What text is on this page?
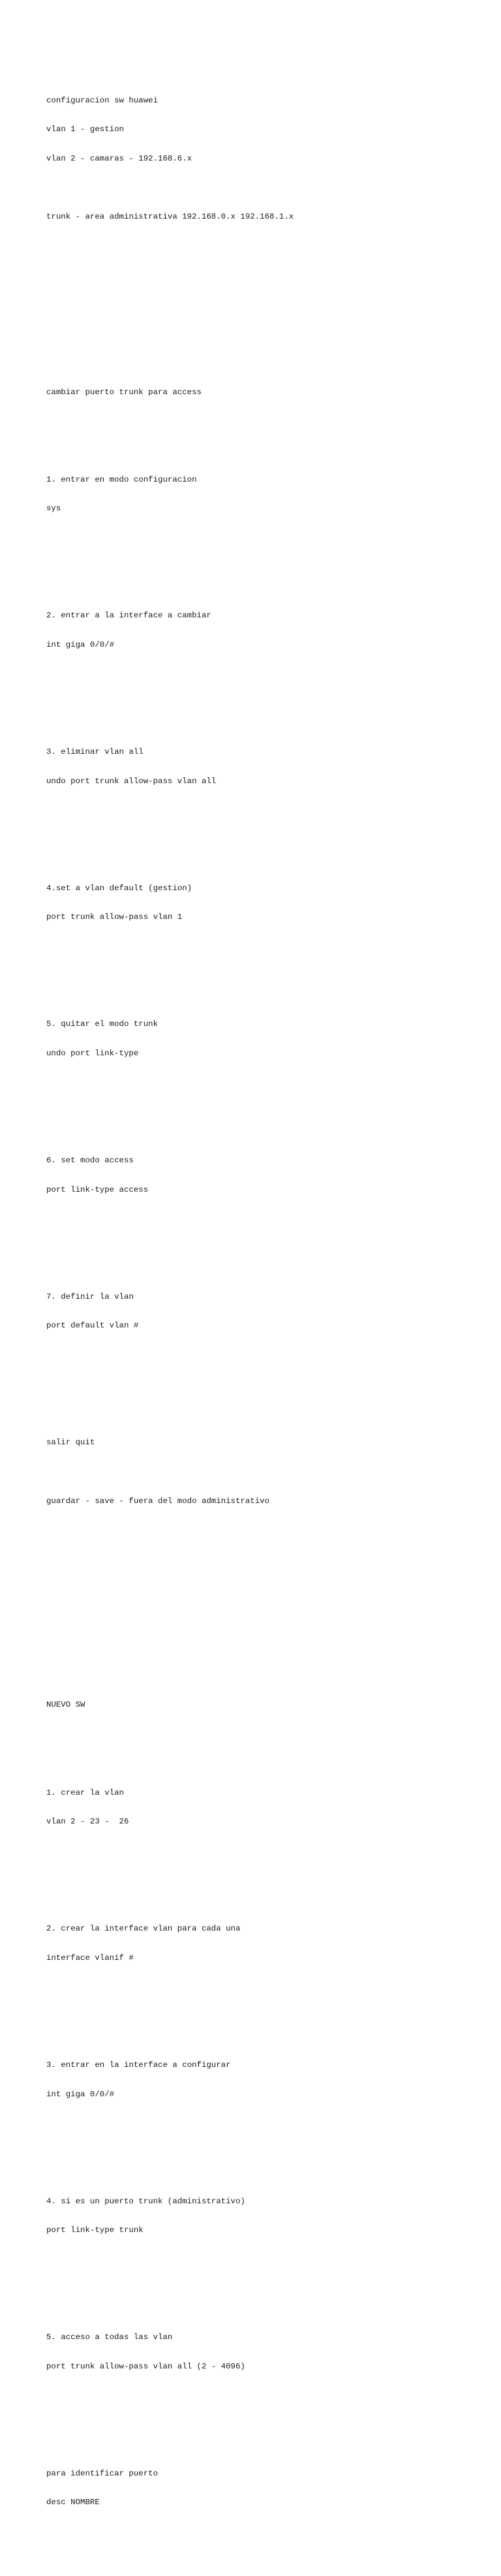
configuracion sw huawei

vlan 1 - gestion

vlan 2 - camaras - 192.168.6.x

trunk - area administrativa 192.168.0.x 192.168.1.x

cambiar puerto trunk para access

1. entrar en modo configuracion

sys

2. entrar a la interface a cambiar

int giga 0/0/#

3. eliminar vlan all

undo port trunk allow-pass vlan all

4.set a vlan default (gestion)

port trunk allow-pass vlan 1

5. quitar el modo trunk

undo port link-type

6. set modo access

port link-type access

7. definir la vlan

port default vlan #

salir quit

guardar - save - fuera del modo administrativo

NUEVO SW

1. crear la vlan

vlan 2 - 23 -  26

2. crear la interface vlan para cada una

interface vlanif #

3. entrar en la interface a configurar

int giga 0/0/#

4. si es un puerto trunk (administrativo)

port link-type trunk

5. acceso a todas las vlan

port trunk allow-pass vlan all (2 - 4096)

para identificar puerto

desc NOMBRE
